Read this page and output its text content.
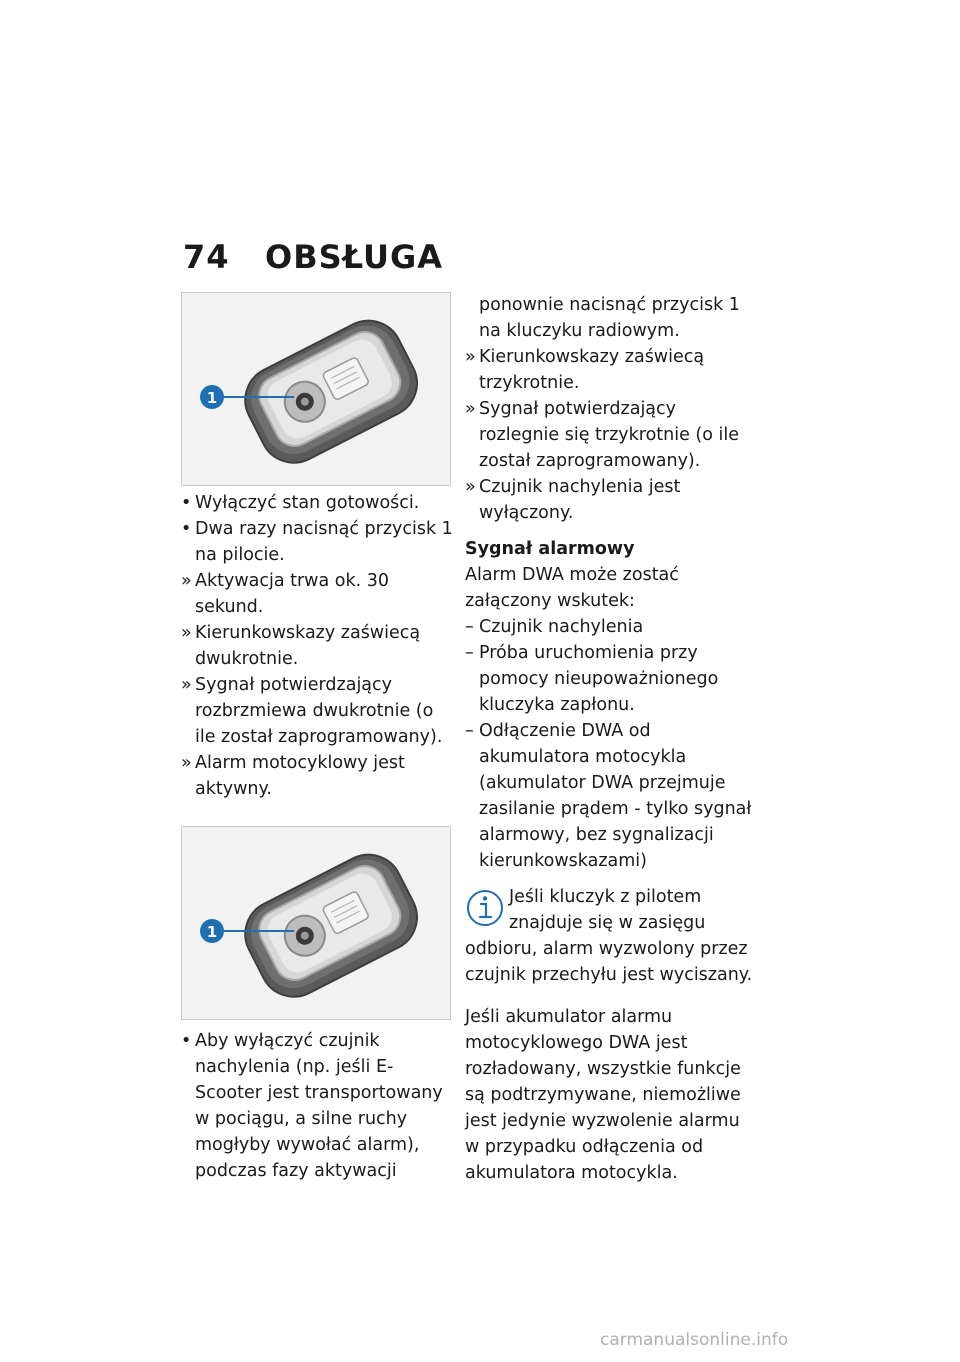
74 OBSŁUGA
1
• Wyłączyć stan gotowości.
• Dwa razy nacisnąć przycisk 1 na pilocie.
» Aktywacja trwa ok. 30 sekund.
» Kierunkowskazy zaświecą dwukrotnie.
» Sygnał potwierdzający rozbrzmiewa dwukrotnie (o ile został zaprogramowany).
» Alarm motocyklowy jest aktywny.
1
• Aby wyłączyć czujnik nachylenia (np. jeśli E-Scooter jest transportowany w pociągu, a silne ruchy mogłyby wywołać alarm), podczas fazy aktywacji
ponownie nacisnąć przycisk 1 na kluczyku radiowym.
» Kierunkowskazy zaświecą trzykrotnie.
» Sygnał potwierdzający rozlegnie się trzykrotnie (o ile został zaprogramowany).
» Czujnik nachylenia jest wyłączony.
Sygnał alarmowy

Alarm DWA może zostać załączony wskutek:

– Czujnik nachylenia
– Próba uruchomienia przy pomocy nieupoważnionego kluczyka zapłonu.
– Odłączenie DWA od akumulatora motocykla (akumulator DWA przejmuje zasilanie prądem - tylko sygnał alarmowy, bez sygnalizacji kierunkowskazami)
Jeśli kluczyk z pilotem znajduje się w zasięgu odbioru, alarm wyzwolony przez czujnik przechyłu jest wyciszany.

Jeśli akumulator alarmu motocyklowego DWA jest rozładowany, wszystkie funkcje są podtrzymywane, niemożliwe jest jedynie wyzwolenie alarmu w przypadku odłączenia od akumulatora motocykla.

carmanualsonline.info
